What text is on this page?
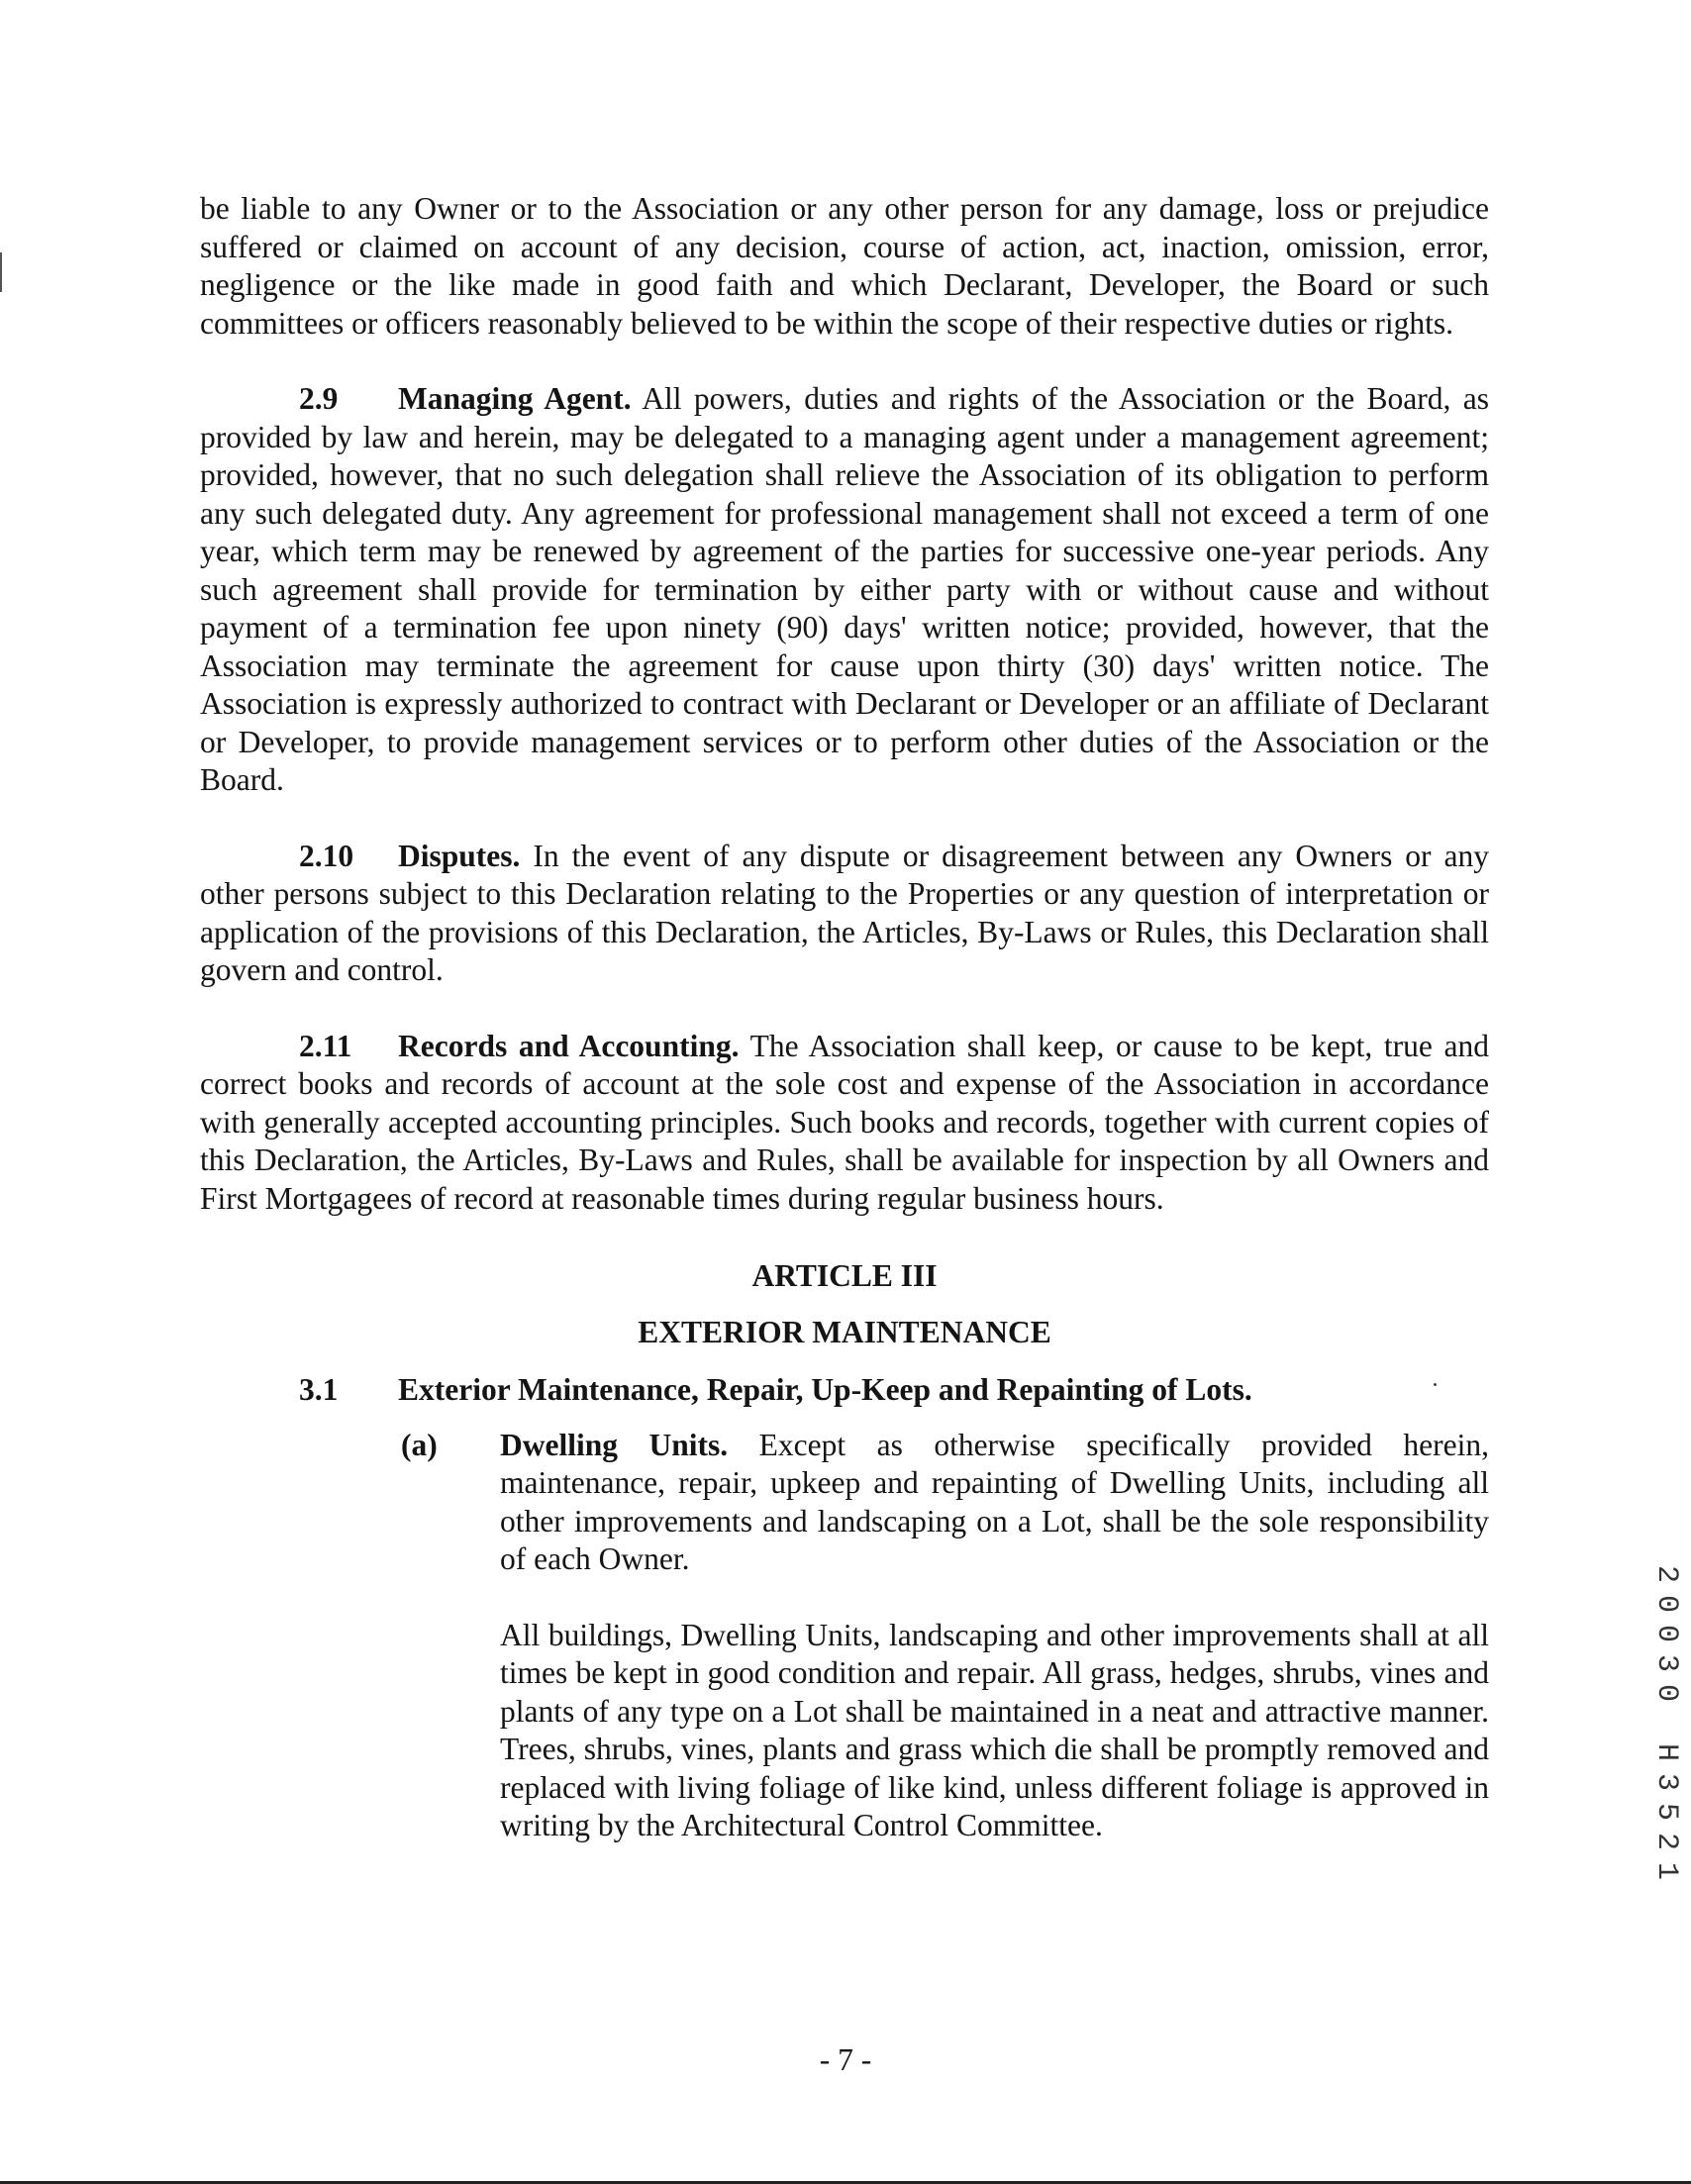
be liable to any Owner or to the Association or any other person for any damage, loss or prejudice suffered or claimed on account of any decision, course of action, act, inaction, omission, error, negligence or the like made in good faith and which Declarant, Developer, the Board or such committees or officers reasonably believed to be within the scope of their respective duties or rights.

2.9 Managing Agent. All powers, duties and rights of the Association or the Board, as provided by law and herein, may be delegated to a managing agent under a management agreement; provided, however, that no such delegation shall relieve the Association of its obligation to perform any such delegated duty. Any agreement for professional management shall not exceed a term of one year, which term may be renewed by agreement of the parties for successive one-year periods. Any such agreement shall provide for termination by either party with or without cause and without payment of a termination fee upon ninety (90) days' written notice; provided, however, that the Association may terminate the agreement for cause upon thirty (30) days' written notice. The Association is expressly authorized to contract with Declarant or Developer or an affiliate of Declarant or Developer, to provide management services or to perform other duties of the Association or the Board.

2.10 Disputes. In the event of any dispute or disagreement between any Owners or any other persons subject to this Declaration relating to the Properties or any question of interpretation or application of the provisions of this Declaration, the Articles, By-Laws or Rules, this Declaration shall govern and control.

2.11 Records and Accounting. The Association shall keep, or cause to be kept, true and correct books and records of account at the sole cost and expense of the Association in accordance with generally accepted accounting principles. Such books and records, together with current copies of this Declaration, the Articles, By-Laws and Rules, shall be available for inspection by all Owners and First Mortgagees of record at reasonable times during regular business hours.

ARTICLE III

EXTERIOR MAINTENANCE

3.1 Exterior Maintenance, Repair, Up-Keep and Repainting of Lots.

(a) Dwelling Units. Except as otherwise specifically provided herein, maintenance, repair, upkeep and repainting of Dwelling Units, including all other improvements and landscaping on a Lot, shall be the sole responsibility of each Owner.

All buildings, Dwelling Units, landscaping and other improvements shall at all times be kept in good condition and repair. All grass, hedges, shrubs, vines and plants of any type on a Lot shall be maintained in a neat and attractive manner. Trees, shrubs, vines, plants and grass which die shall be promptly removed and replaced with living foliage of like kind, unless different foliage is approved in writing by the Architectural Control Committee.	20030 H3521
- 7 -
